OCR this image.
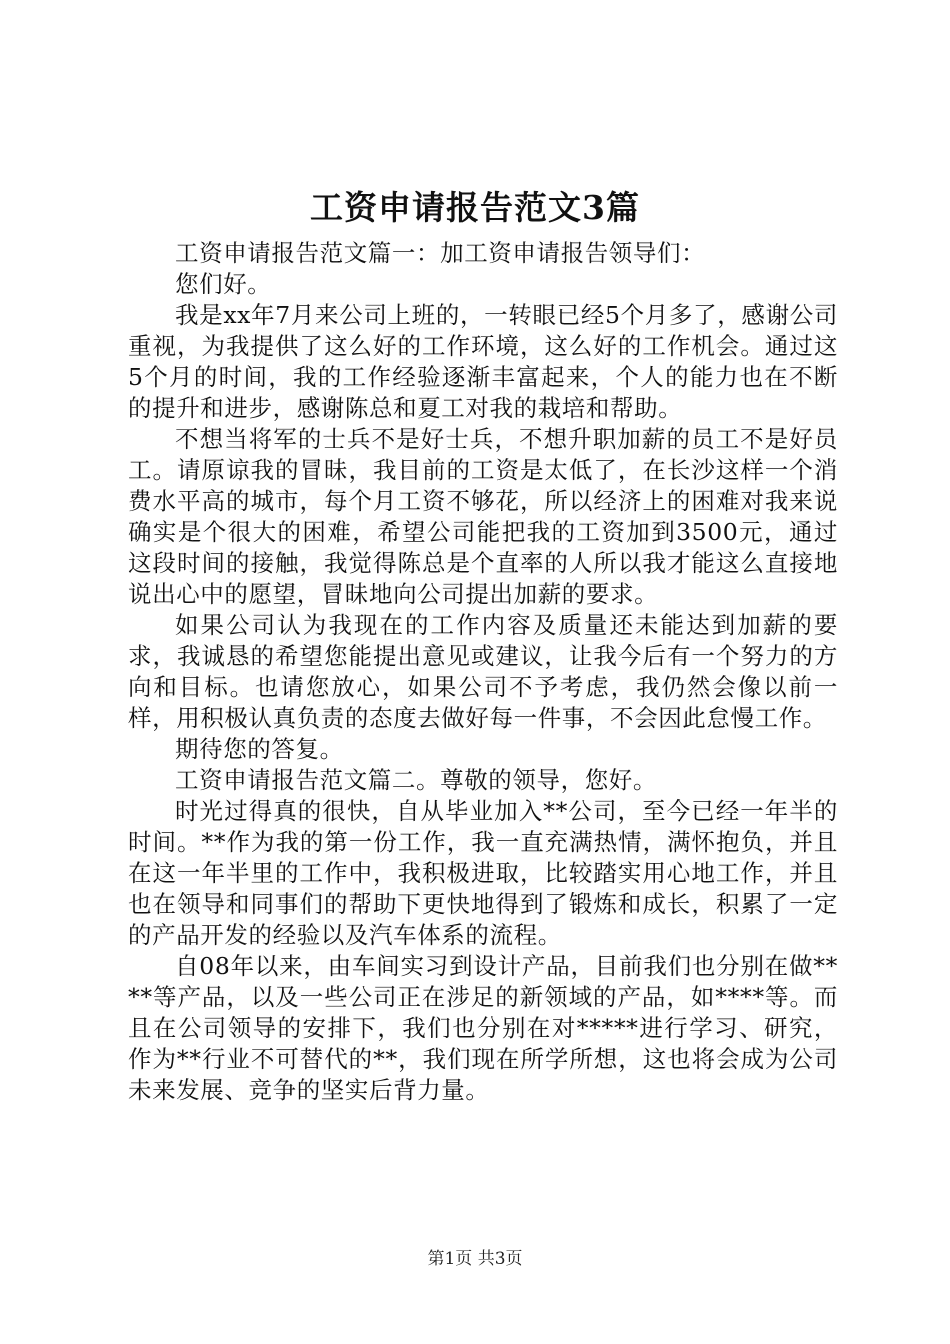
工资申请报告范文3篇

工资申请报告范文篇一：加工资申请报告领导们：

您们好。

我是xx年7月来公司上班的，一转眼已经5个月多了，感谢公司重视，为我提供了这么好的工作环境，这么好的工作机会。通过这5个月的时间，我的工作经验逐渐丰富起来，个人的能力也在不断的提升和进步，感谢陈总和夏工对我的栽培和帮助。

不想当将军的士兵不是好士兵，不想升职加薪的员工不是好员工。请原谅我的冒昧，我目前的工资是太低了，在长沙这样一个消费水平高的城市，每个月工资不够花，所以经济上的困难对我来说确实是个很大的困难，希望公司能把我的工资加到3500元，通过这段时间的接触，我觉得陈总是个直率的人所以我才能这么直接地说出心中的愿望，冒昧地向公司提出加薪的要求。

如果公司认为我现在的工作内容及质量还未能达到加薪的要求，我诚恳的希望您能提出意见或建议，让我今后有一个努力的方向和目标。也请您放心，如果公司不予考虑，我仍然会像以前一样，用积极认真负责的态度去做好每一件事，不会因此怠慢工作。

期待您的答复。

工资申请报告范文篇二。尊敬的领导，您好。

时光过得真的很快，自从毕业加入**公司，至今已经一年半的时间。**作为我的第一份工作，我一直充满热情，满怀抱负，并且在这一年半里的工作中，我积极进取，比较踏实用心地工作，并且也在领导和同事们的帮助下更快地得到了锻炼和成长，积累了一定的产品开发的经验以及汽车体系的流程。

自08年以来，由车间实习到设计产品，目前我们也分别在做****等产品，以及一些公司正在涉足的新领域的产品，如****等。而且在公司领导的安排下，我们也分别在对*****进行学习、研究，作为**行业不可替代的**，我们现在所学所想，这也将会成为公司未来发展、竞争的坚实后背力量。

第1页 共3页
